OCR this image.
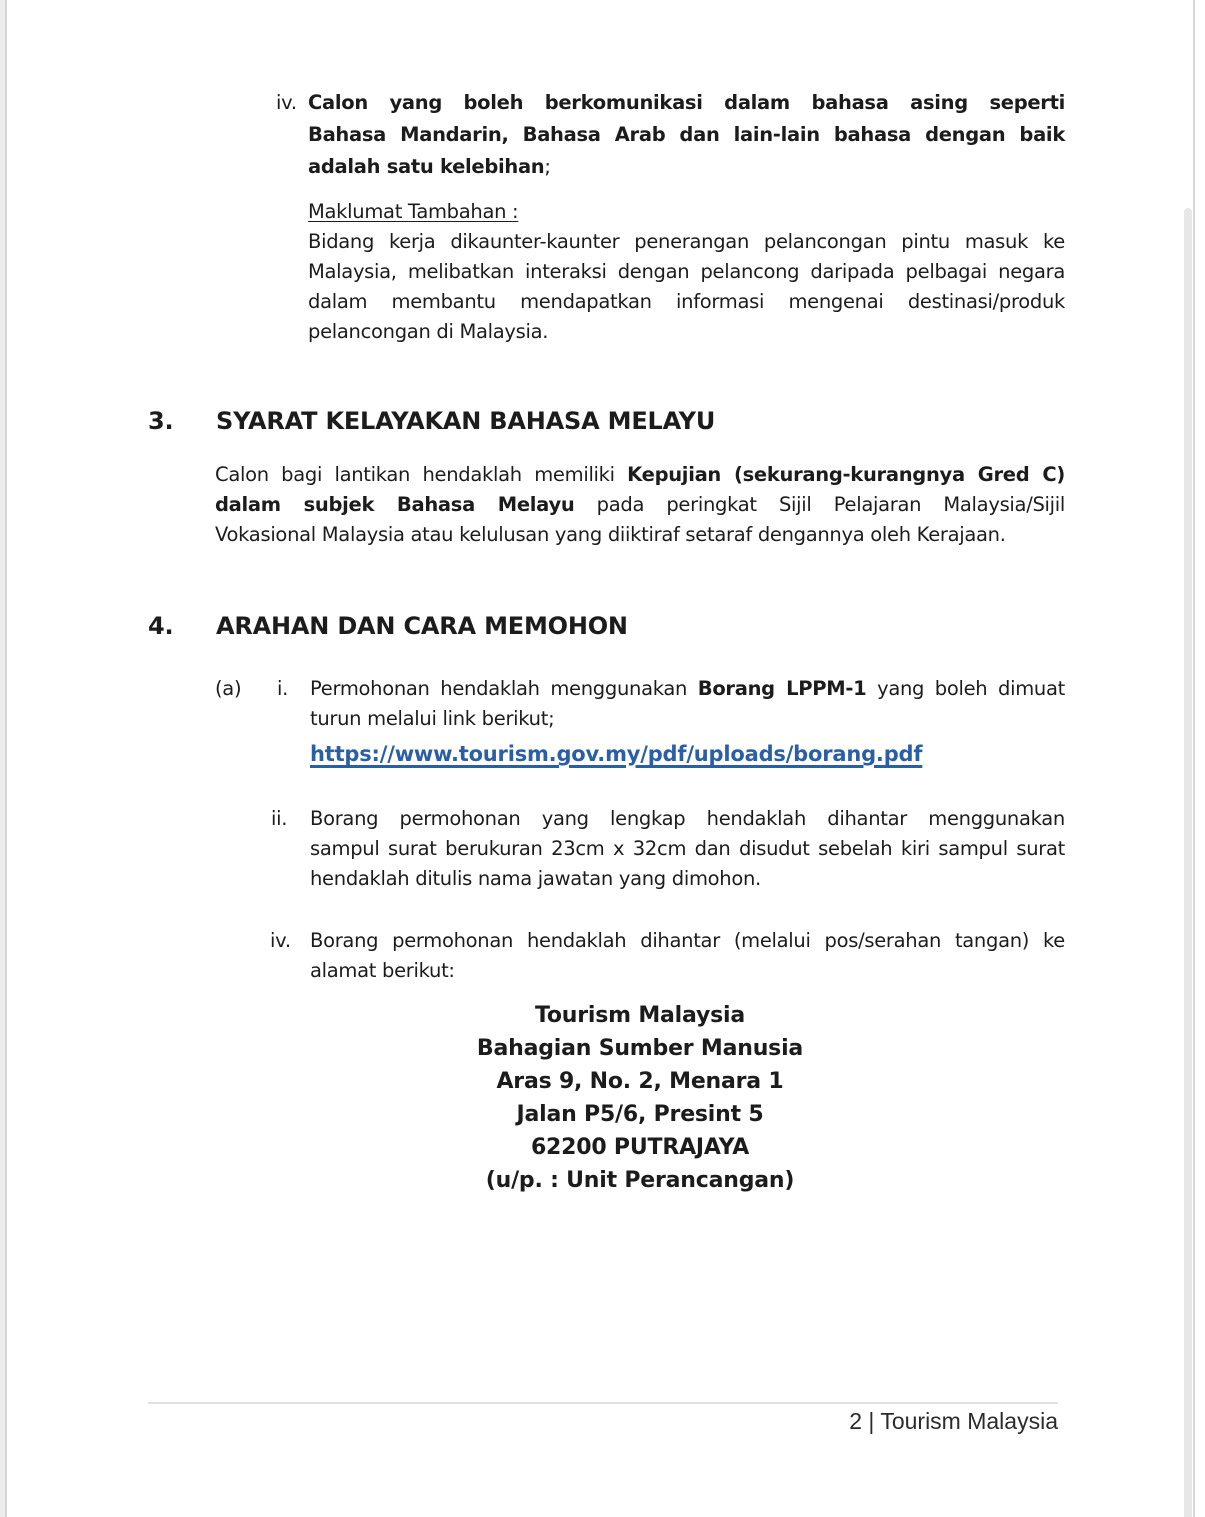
iv. Calon yang boleh berkomunikasi dalam bahasa asing seperti
Bahasa Mandarin, Bahasa Arab dan lain-lain bahasa dengan baik
adalah satu kelebihan;
Maklumat Tambahan :
Bidang kerja dikaunter-kaunter penerangan pelancongan pintu masuk ke
Malaysia, melibatkan interaksi dengan pelancong daripada pelbagai negara
dalam membantu mendapatkan informasi mengenai destinasi/produk
pelancongan di Malaysia.
3. SYARAT KELAYAKAN BAHASA MELAYU
Calon bagi lantikan hendaklah memiliki Kepujian (sekurang-kurangnya Gred C)
dalam subjek Bahasa Melayu pada peringkat Sijil Pelajaran Malaysia/Sijil
Vokasional Malaysia atau kelulusan yang diiktiraf setaraf dengannya oleh Kerajaan.
4. ARAHAN DAN CARA MEMOHON
(a) i. Permohonan hendaklah menggunakan Borang LPPM-1 yang boleh dimuat
turun melalui link berikut;
https://www.tourism.gov.my/pdf/uploads/borang.pdf
ii. Borang permohonan yang lengkap hendaklah dihantar menggunakan
sampul surat berukuran 23cm x 32cm dan disudut sebelah kiri sampul surat
hendaklah ditulis nama jawatan yang dimohon.
iv. Borang permohonan hendaklah dihantar (melalui pos/serahan tangan) ke
alamat berikut:
Tourism Malaysia
Bahagian Sumber Manusia
Aras 9, No. 2, Menara 1
Jalan P5/6, Presint 5
62200 PUTRAJAYA
(u/p. : Unit Perancangan)
2 | Tourism Malaysia
